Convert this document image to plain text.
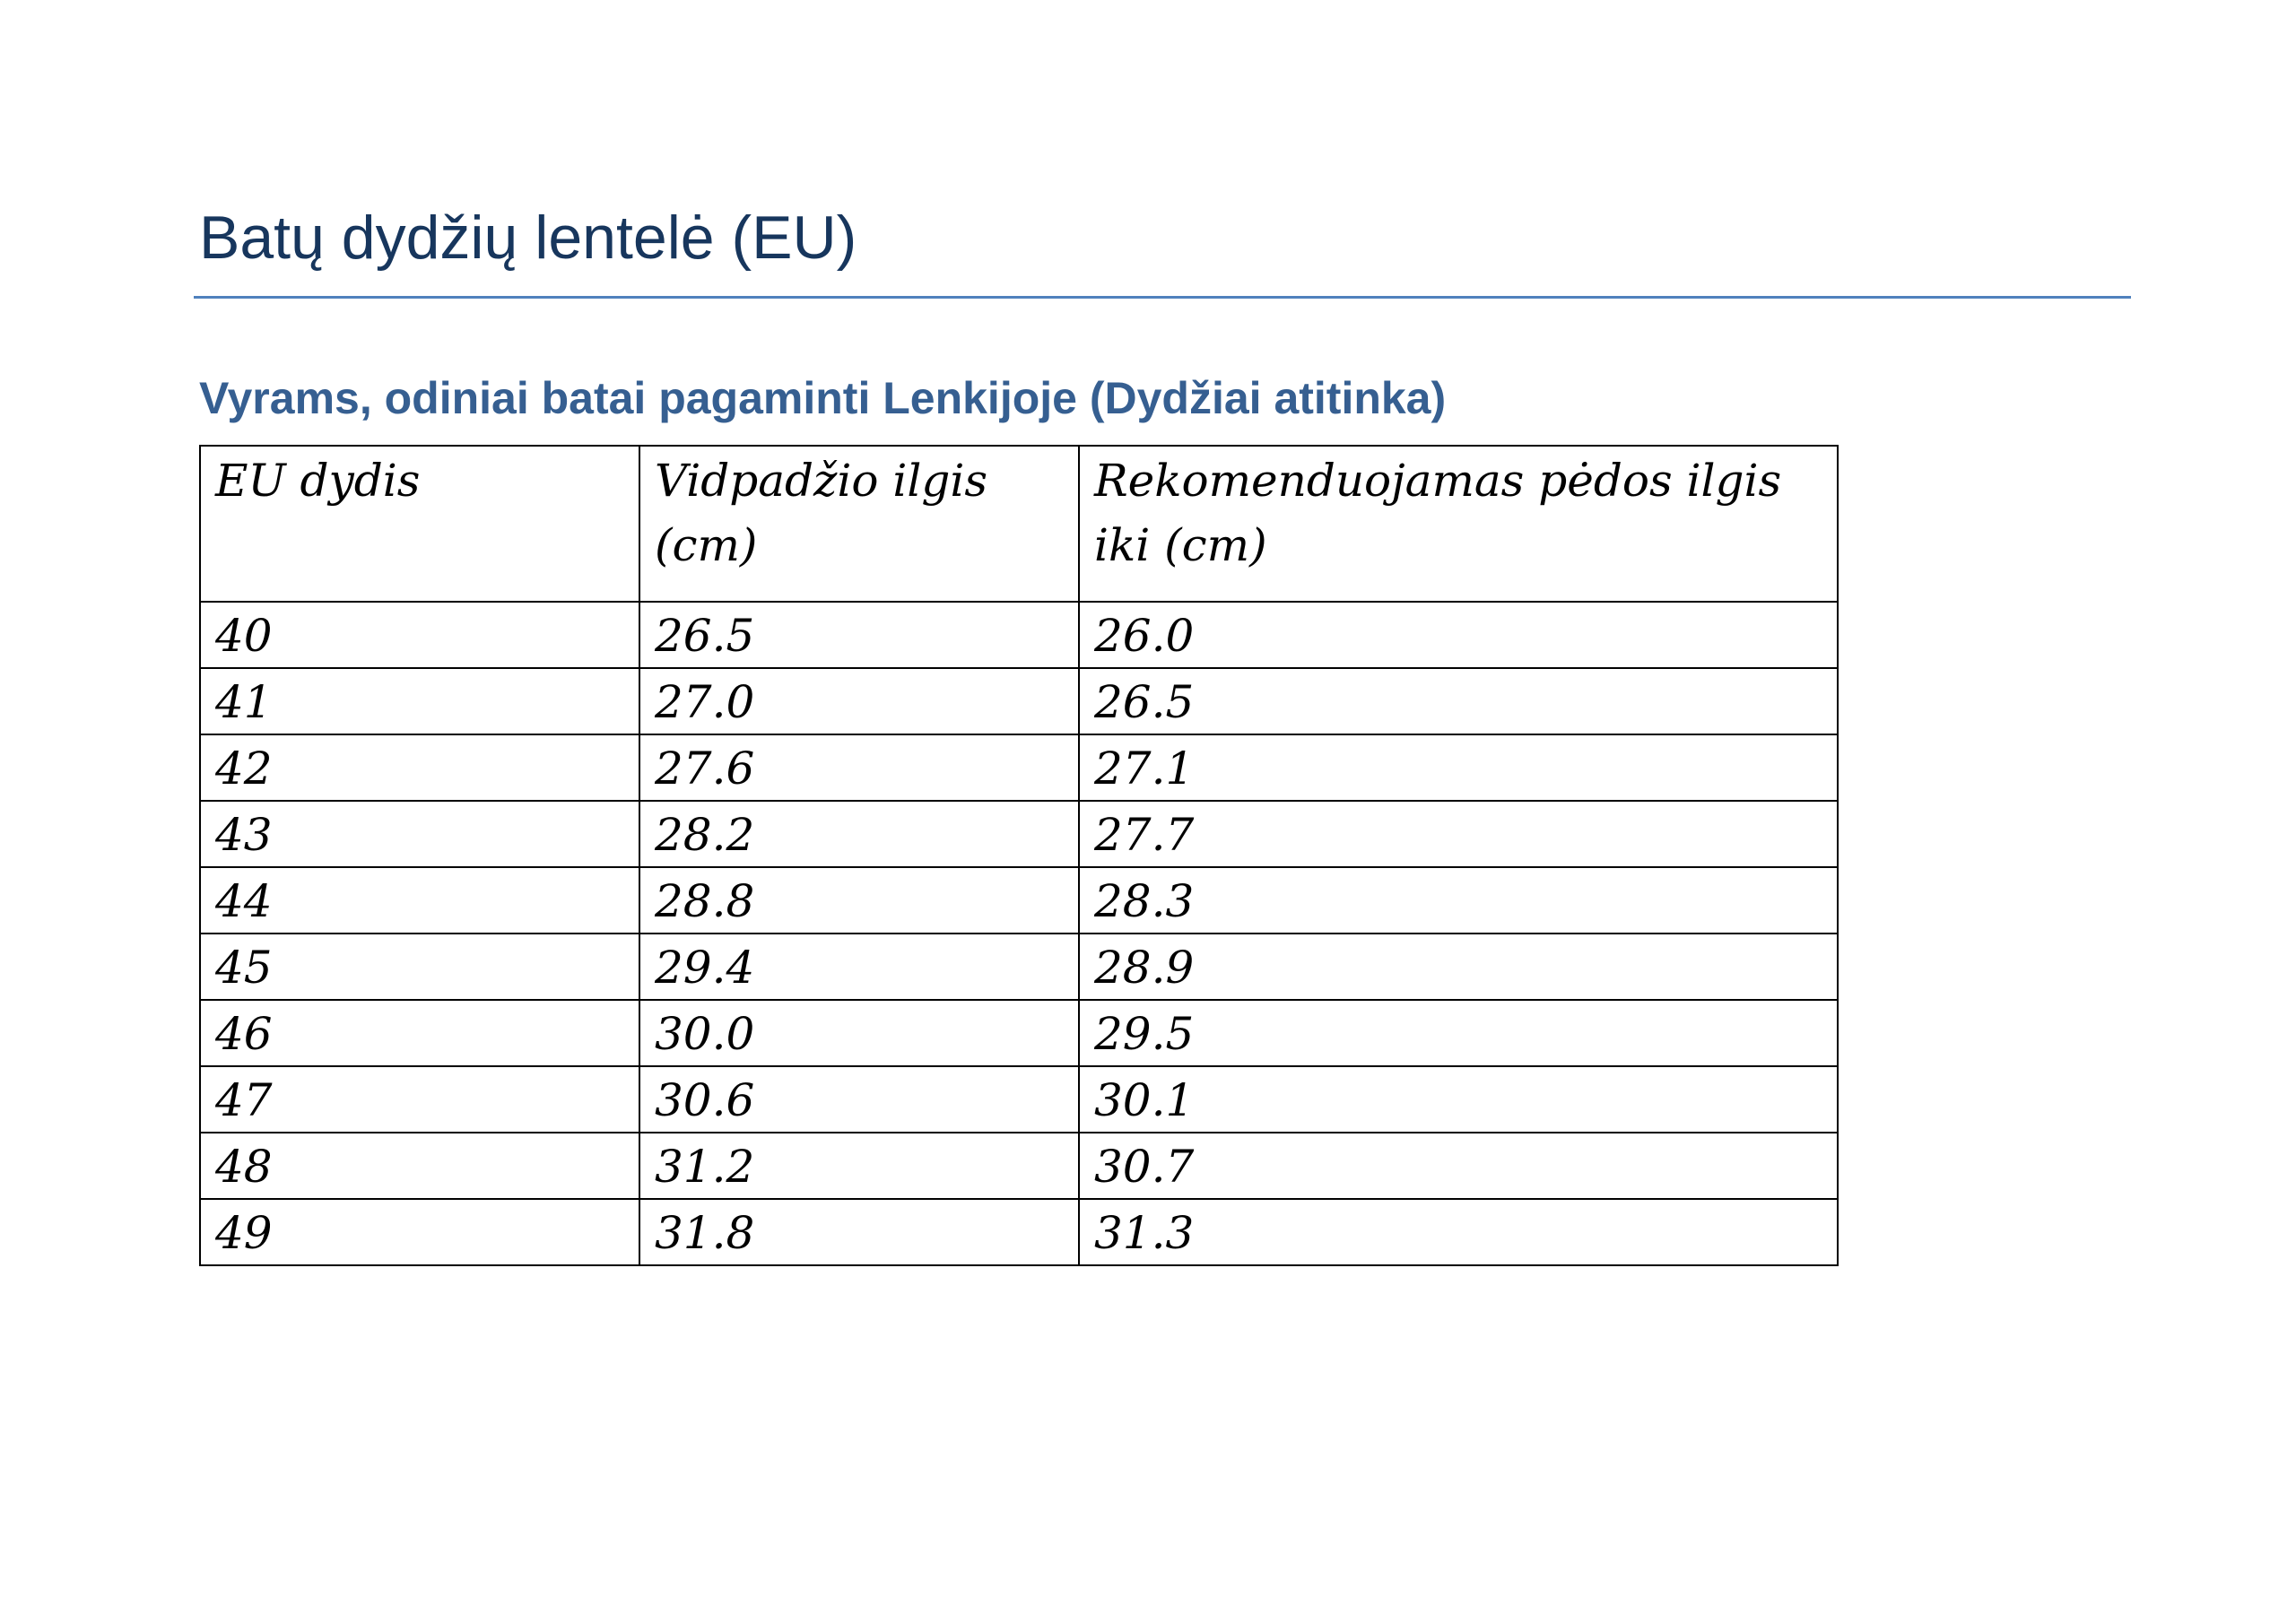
Batų dydžių lentelė (EU)
Vyrams, odiniai batai pagaminti Lenkijoje (Dydžiai atitinka)
EU dydis	Vidpadžio ilgis (cm)	Rekomenduojamas pėdos ilgis iki (cm)
40	26.5	26.0
41	27.0	26.5
42	27.6	27.1
43	28.2	27.7
44	28.8	28.3
45	29.4	28.9
46	30.0	29.5
47	30.6	30.1
48	31.2	30.7
49	31.8	31.3
